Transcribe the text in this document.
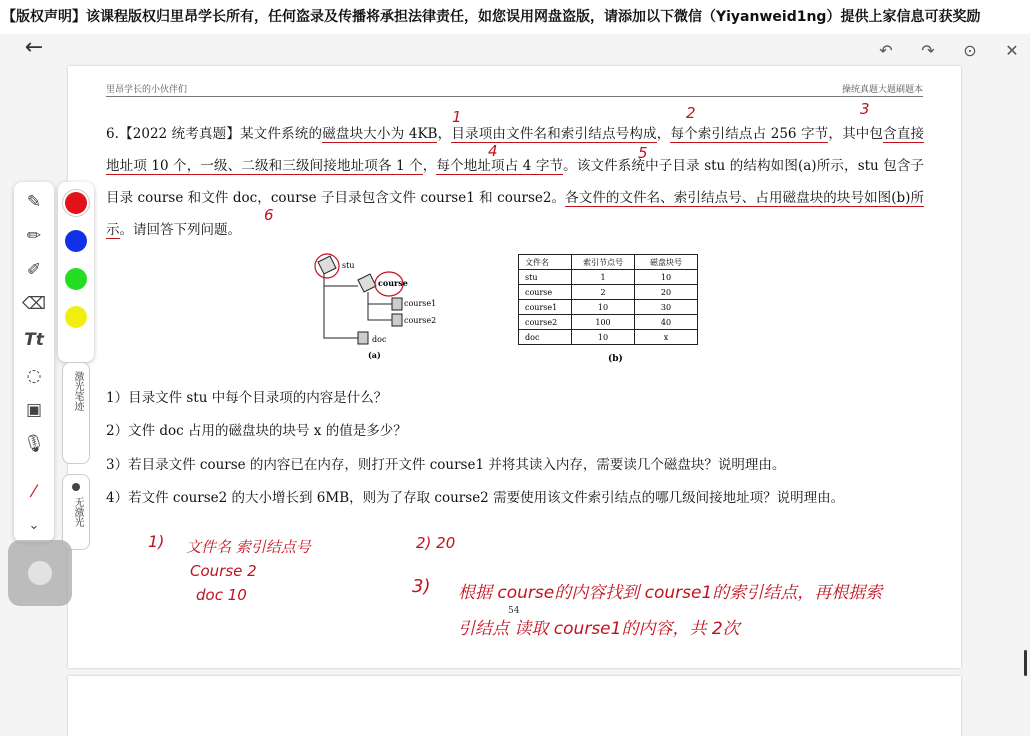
【版权声明】该课程版权归里昂学长所有，任何盗录及传播将承担法律责任，如您误用网盘盗版，请添加以下微信（Yiyanweid1ng）提供上家信息可获奖励
←	↶ ↷ ⊙ ✕
里昂学长的小伙伴们	操统真题大题刷题本
6.【2022 统考真题】某文件系统的磁盘块大小为 4KB，目录项由文件名和索引结点号构成，每个索引结点占 256 字节，其中包含直接地址项 10 个，一级、二级和三级间接地址项各 1 个，每个地址项占 4 字节。该文件系统中子目录 stu 的结构如图(a)所示，stu 包含子目录 course 和文件 doc，course 子目录包含文件 course1 和 course2。各文件的文件名、索引结点号、占用磁盘块的块号如图(b)所示。请回答下列问题。
stu
course
course1
course2
doc
(a)
文件名	索引节点号	磁盘块号
stu	1	10
course	2	20
course1	10	30
course2	100	40
doc	10	x
(b)
1）目录文件 stu 中每个目录项的内容是什么？
2）文件 doc 占用的磁盘块的块号 x 的值是多少？
3）若目录文件 course 的内容已在内存，则打开文件 course1 并将其读入内存，需要读几个磁盘块？说明理由。
4）若文件 course2 的大小增长到 6MB，则为了存取 course2 需要使用该文件索引结点的哪几级间接地址项？说明理由。
54
1) 文件名 索引结点号
Course 2
doc 10
2) 20
3) 根据 course的内容找到 course1的索引结点，再根据索
引结点 读取 course1的内容，共 2次
1	2	3
4	5
6
✎
✏
✐
⌫
Tt
◌
▣
🎙
⁄
⌄
激光笔迹
无激光
